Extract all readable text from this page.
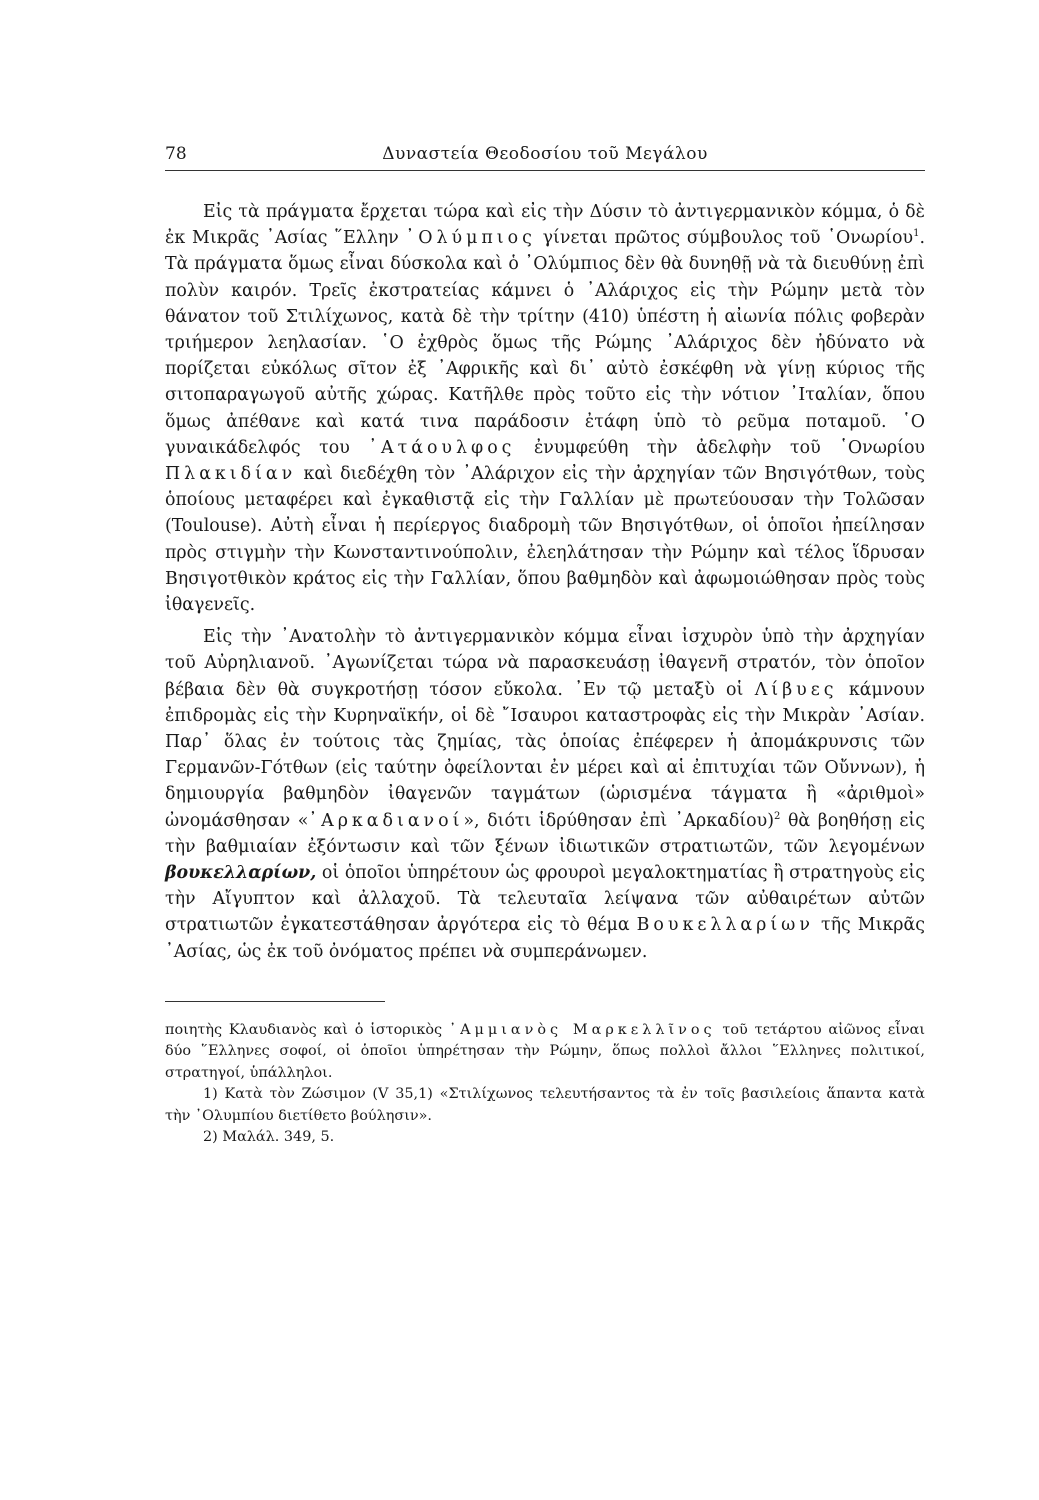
78	Δυναστεία Θεοδοσίου τοῦ Μεγάλου

Εἰς τὰ πράγματα ἔρχεται τώρα καὶ εἰς τὴν Δύσιν τὸ ἀντιγερμανικὸν κόμμα, ὁ δὲ ἐκ Μικρᾶς ᾿Ασίας ῞Ελλην ᾿Ολύμπιος γίνεται πρῶτος σύμβουλος τοῦ ῾Ονωρίου$^1$. Τὰ πράγματα ὅμως εἶναι δύσκολα καὶ ὁ ᾿Ολύμπιος δὲν θὰ δυνηθῇ νὰ τὰ διευθύνῃ ἐπὶ πολὺν καιρόν. Τρεῖς ἐκστρατείας κάμνει ὁ ᾿Αλάριχος εἰς τὴν Ρώμην μετὰ τὸν θάνατον τοῦ Στιλίχωνος, κατὰ δὲ τὴν τρίτην (410) ὑπέστη ἡ αἰωνία πόλις φοβερὰν τριήμερον λεηλασίαν. ῾Ο ἐχθρὸς ὅμως τῆς Ρώμης ᾿Αλάριχος δὲν ἠδύνατο νὰ πορίζεται εὐκόλως σῖτον ἐξ ᾿Αφρικῆς καὶ δι᾿ αὐτὸ ἐσκέφθη νὰ γίνῃ κύριος τῆς σιτοπαραγωγοῦ αὐτῆς χώρας. Κατῆλθε πρὸς τοῦτο εἰς τὴν νότιον ᾿Ιταλίαν, ὅπου ὅμως ἀπέθανε καὶ κατά τινα παράδοσιν ἐτάφη ὑπὸ τὸ ρεῦμα ποταμοῦ. ῾Ο γυναικάδελφός του ᾿Ατάουλφος ἐνυμφεύθη τὴν ἀδελφὴν τοῦ ῾Ονωρίου Πλακιδίαν καὶ διεδέχθη τὸν ᾿Αλάριχον εἰς τὴν ἀρχηγίαν τῶν Βησιγότθων, τοὺς ὁποίους μεταφέρει καὶ ἐγκαθιστᾷ εἰς τὴν Γαλλίαν μὲ πρωτεύουσαν τὴν Τολῶσαν (Toulouse). Αὐτὴ εἶναι ἡ περίεργος διαδρομὴ τῶν Βησιγότθων, οἱ ὁποῖοι ἠπείλησαν πρὸς στιγμὴν τὴν Κωνσταντινούπολιν, ἐλεηλάτησαν τὴν Ρώμην καὶ τέλος ἵδρυσαν Βησιγοτθικὸν κράτος εἰς τὴν Γαλλίαν, ὅπου βαθμηδὸν καὶ ἀφωμοιώθησαν πρὸς τοὺς ἰθαγενεῖς.

Εἰς τὴν ᾿Ανατολὴν τὸ ἀντιγερμανικὸν κόμμα εἶναι ἰσχυρὸν ὑπὸ τὴν ἀρχηγίαν τοῦ Αὐρηλιανοῦ. ᾿Αγωνίζεται τώρα νὰ παρασκευάσῃ ἰθαγενῆ στρατόν, τὸν ὁποῖον βέβαια δὲν θὰ συγκροτήσῃ τόσον εὔκολα. ᾿Εν τῷ μεταξὺ οἱ Λίβυες κάμνουν ἐπιδρομὰς εἰς τὴν Κυρηναϊκήν, οἱ δὲ ῎Ισαυροι καταστροφὰς εἰς τὴν Μικρὰν ᾿Ασίαν. Παρ᾿ ὅλας ἐν τούτοις τὰς ζημίας, τὰς ὁποίας ἐπέφερεν ἡ ἀπομάκρυνσις τῶν Γερμανῶν-Γότθων (εἰς ταύτην ὀφείλονται ἐν μέρει καὶ αἱ ἐπιτυχίαι τῶν Οὔννων), ἡ δημιουργία βαθμηδὸν ἰθαγενῶν ταγμάτων (ὡρισμένα τάγματα ἢ «ἀριθμοὶ» ὠνομάσθησαν «᾿Αρκαδιανοί», διότι ἱδρύθησαν ἐπὶ ᾿Αρκαδίου)$^2$ θὰ βοηθήσῃ εἰς τὴν βαθμιαίαν ἐξόντωσιν καὶ τῶν ξένων ἰδιωτικῶν στρατιωτῶν, τῶν λεγομένων βουκελλαρίων, οἱ ὁποῖοι ὑπηρέτουν ὡς φρουροὶ μεγαλοκτηματίας ἢ στρατηγοὺς εἰς τὴν Αἴγυπτον καὶ ἀλλαχοῦ. Τὰ τελευταῖα λείψανα τῶν αὐθαιρέτων αὐτῶν στρατιωτῶν ἐγκατεστάθησαν ἀργότερα εἰς τὸ θέμα Βουκελλαρίων τῆς Μικρᾶς ᾿Ασίας, ὡς ἐκ τοῦ ὀνόματος πρέπει νὰ συμπεράνωμεν.

ποιητὴς Κλαυδιανὸς καὶ ὁ ἱστορικὸς ᾿Αμμιανὸς Μαρκελλῖνος τοῦ τετάρτου αἰῶνος εἶναι δύο ῞Ελληνες σοφοί, οἱ ὁποῖοι ὑπηρέτησαν τὴν Ρώμην, ὅπως πολλοὶ ἄλλοι ῞Ελληνες πολιτικοί, στρατηγοί, ὑπάλληλοι.

1) Κατὰ τὸν Ζώσιμον (V 35,1) «Στιλίχωνος τελευτήσαντος τὰ ἐν τοῖς βασιλείοις ἅπαντα κατὰ τὴν ᾿Ολυμπίου διετίθετο βούλησιν».

2) Μαλάλ. 349, 5.
